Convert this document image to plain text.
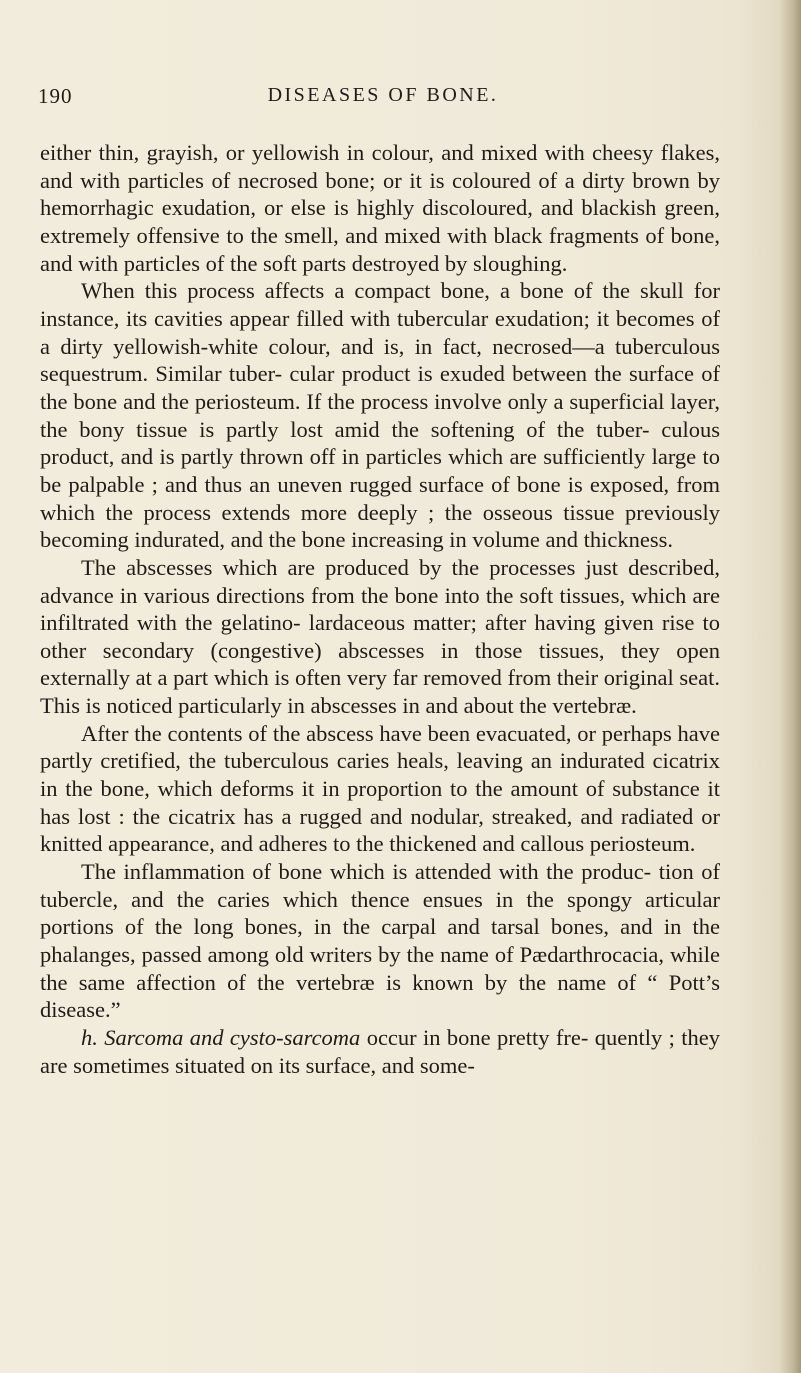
190	DISEASES OF BONE.

either thin, grayish, or yellowish in colour, and mixed with cheesy flakes, and with particles of necrosed bone; or it is coloured of a dirty brown by hemorrhagic exudation, or else is highly discoloured, and blackish green, extremely offensive to the smell, and mixed with black fragments of bone, and with particles of the soft parts destroyed by sloughing.

When this process affects a compact bone, a bone of the skull for instance, its cavities appear filled with tubercular exudation; it becomes of a dirty yellowish-white colour, and is, in fact, necrosed—a tuberculous sequestrum. Similar tuber- cular product is exuded between the surface of the bone and the periosteum. If the process involve only a superficial layer, the bony tissue is partly lost amid the softening of the tuber- culous product, and is partly thrown off in particles which are sufficiently large to be palpable ; and thus an uneven rugged surface of bone is exposed, from which the process extends more deeply ; the osseous tissue previously becoming indurated, and the bone increasing in volume and thickness.

The abscesses which are produced by the processes just described, advance in various directions from the bone into the soft tissues, which are infiltrated with the gelatino- lardaceous matter; after having given rise to other secondary (congestive) abscesses in those tissues, they open externally at a part which is often very far removed from their original seat. This is noticed particularly in abscesses in and about the vertebræ.

After the contents of the abscess have been evacuated, or perhaps have partly cretified, the tuberculous caries heals, leaving an indurated cicatrix in the bone, which deforms it in proportion to the amount of substance it has lost : the cicatrix has a rugged and nodular, streaked, and radiated or knitted appearance, and adheres to the thickened and callous periosteum.

The inflammation of bone which is attended with the produc- tion of tubercle, and the caries which thence ensues in the spongy articular portions of the long bones, in the carpal and tarsal bones, and in the phalanges, passed among old writers by the name of Pædarthrocacia, while the same affection of the vertebræ is known by the name of “ Pott’s disease.”

h. Sarcoma and cysto-sarcoma occur in bone pretty fre- quently ; they are sometimes situated on its surface, and some-
